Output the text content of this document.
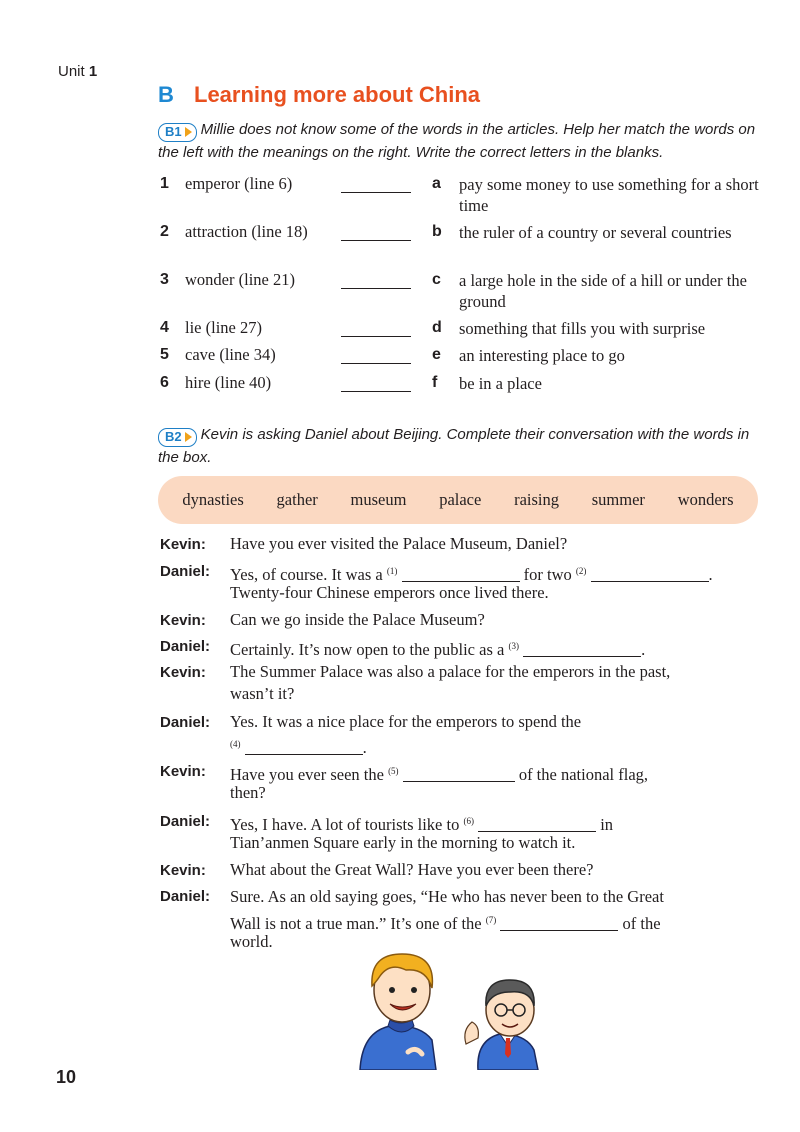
Unit 1
B Learning more about China
B1 Millie does not know some of the words in the articles. Help her match the words on the left with the meanings on the right. Write the correct letters in the blanks.
1 emperor (line 6)	a pay some money to use something for a short time
2 attraction (line 18)	b the ruler of a country or several countries
3 wonder (line 21)	c a large hole in the side of a hill or under the ground
4 lie (line 27)	d something that fills you with surprise
5 cave (line 34)	e an interesting place to go
6 hire (line 40)	f be in a place
B2 Kevin is asking Daniel about Beijing. Complete their conversation with the words in the box.
dynasties gather museum palace raising summer wonders
Kevin: Have you ever visited the Palace Museum, Daniel?
Daniel: Yes, of course. It was a $^{(1)}$	for two $^{(2)}$	.
Twenty-four Chinese emperors once lived there.
Kevin: Can we go inside the Palace Museum?
Daniel: Certainly. It’s now open to the public as a $^{(3)}$	.
Kevin: The Summer Palace was also a palace for the emperors in the past,
wasn’t it?
Daniel: Yes. It was a nice place for the emperors to spend the
$^{(4)}$	.
Kevin: Have you ever seen the $^{(5)}$	of the national flag,
then?
Daniel: Yes, I have. A lot of tourists like to $^{(6)}$	in
Tian’anmen Square early in the morning to watch it.
Kevin: What about the Great Wall? Have you ever been there?
Daniel: Sure. As an old saying goes, “He who has never been to the Great
Wall is not a true man.” It’s one of the $^{(7)}$	of the
world.
10
